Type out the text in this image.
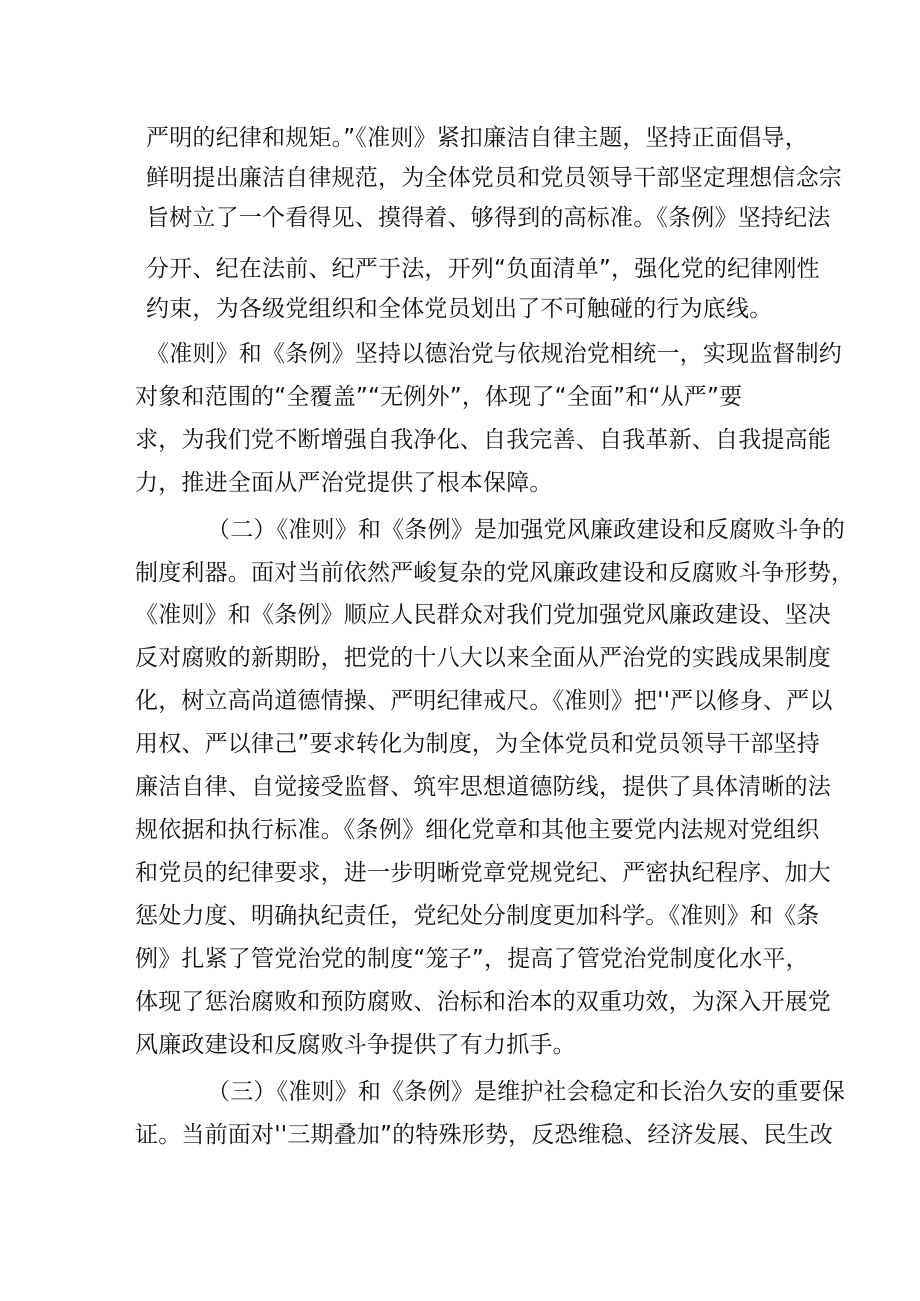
严明的纪律和规矩。”《准则》紧扣廉洁自律主题，坚持正面倡导，
鲜明提出廉洁自律规范，为全体党员和党员领导干部坚定理想信念宗
旨树立了一个看得见、摸得着、够得到的高标准。《条例》坚持纪法
分开、纪在法前、纪严于法，开列“负面清单”，强化党的纪律刚性
约束，为各级党组织和全体党员划出了不可触碰的行为底线。
《准则》和《条例》坚持以德治党与依规治党相统一，实现监督制约
对象和范围的“全覆盖”“无例外”，体现了“全面”和“从严”要
求，为我们党不断增强自我净化、自我完善、自我革新、自我提高能
力，推进全面从严治党提供了根本保障。
（二）《准则》和《条例》是加强党风廉政建设和反腐败斗争的
制度利器。面对当前依然严峻复杂的党风廉政建设和反腐败斗争形势，
《准则》和《条例》顺应人民群众对我们党加强党风廉政建设、坚决
反对腐败的新期盼，把党的十八大以来全面从严治党的实践成果制度
化，树立高尚道德情操、严明纪律戒尺。《准则》把''严以修身、严以
用权、严以律己”要求转化为制度，为全体党员和党员领导干部坚持
廉洁自律、自觉接受监督、筑牢思想道德防线，提供了具体清晰的法
规依据和执行标准。《条例》细化党章和其他主要党内法规对党组织
和党员的纪律要求，进一步明晰党章党规党纪、严密执纪程序、加大
惩处力度、明确执纪责任，党纪处分制度更加科学。《准则》和《条
例》扎紧了管党治党的制度“笼子”，提高了管党治党制度化水平，
体现了惩治腐败和预防腐败、治标和治本的双重功效，为深入开展党
风廉政建设和反腐败斗争提供了有力抓手。
（三）《准则》和《条例》是维护社会稳定和长治久安的重要保
证。当前面对''三期叠加”的特殊形势，反恐维稳、经济发展、民生改
